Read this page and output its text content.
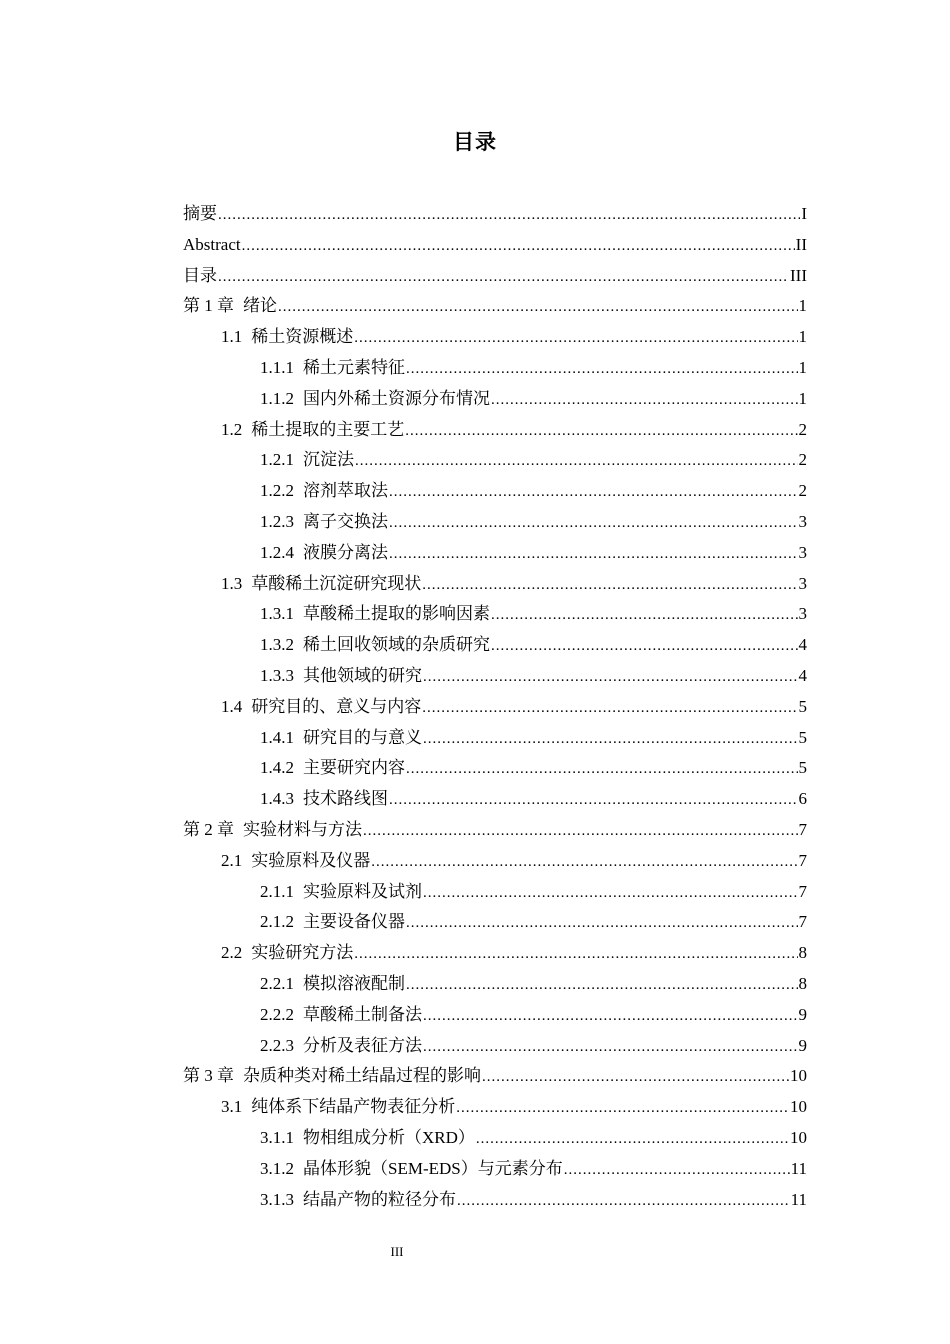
目录
摘要 .....	I
Abstract .....	II
目录 .....	III
第 1 章 绪论 .....	1
1.1 稀土资源概述 .....	1
1.1.1 稀土元素特征 .....	1
1.1.2 国内外稀土资源分布情况 .....	1
1.2 稀土提取的主要工艺 .....	2
1.2.1 沉淀法 .....	2
1.2.2 溶剂萃取法 .....	2
1.2.3 离子交换法 .....	3
1.2.4 液膜分离法 .....	3
1.3 草酸稀土沉淀研究现状 .....	3
1.3.1 草酸稀土提取的影响因素 .....	3
1.3.2 稀土回收领域的杂质研究 .....	4
1.3.3 其他领域的研究 .....	4
1.4 研究目的、意义与内容 .....	5
1.4.1 研究目的与意义 .....	5
1.4.2 主要研究内容 .....	5
1.4.3 技术路线图 .....	6
第 2 章 实验材料与方法 .....	7
2.1 实验原料及仪器 .....	7
2.1.1 实验原料及试剂 .....	7
2.1.2 主要设备仪器 .....	7
2.2 实验研究方法 .....	8
2.2.1 模拟溶液配制 .....	8
2.2.2 草酸稀土制备法 .....	9
2.2.3 分析及表征方法 .....	9
第 3 章 杂质种类对稀土结晶过程的影响 .....	10
3.1 纯体系下结晶产物表征分析 .....	10
3.1.1 物相组成分析（XRD） .....	10
3.1.2 晶体形貌（SEM-EDS）与元素分布 .....	11
3.1.3 结晶产物的粒径分布 .....	11
III
